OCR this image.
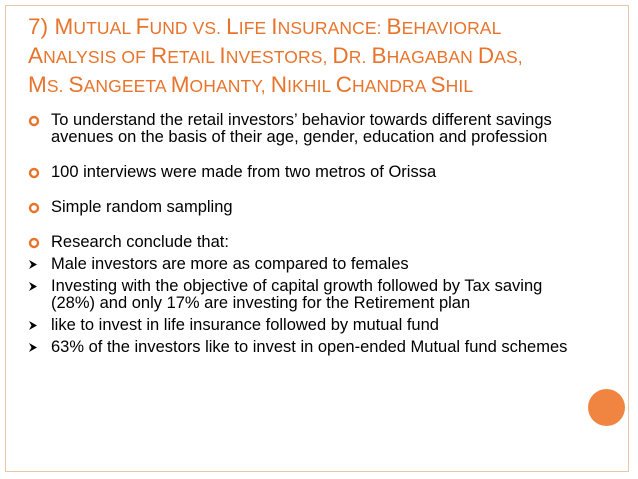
7) MUTUAL FUND VS. LIFE INSURANCE: BEHAVIORAL
ANALYSIS OF RETAIL INVESTORS, DR. BHAGABAN DAS,
MS. SANGEETA MOHANTY, NIKHIL CHANDRA SHIL
To understand the retail investors’ behavior towards different savings avenues on the basis of their age, gender, education and profession
100 interviews were made from two metros of Orissa
Simple random sampling
Research conclude that:
Male investors are more as compared to females
Investing with the objective of capital growth followed by Tax saving (28%) and only 17% are investing for the Retirement plan
like to invest in life insurance followed by mutual fund
63% of the investors like to invest in open-ended Mutual fund schemes
